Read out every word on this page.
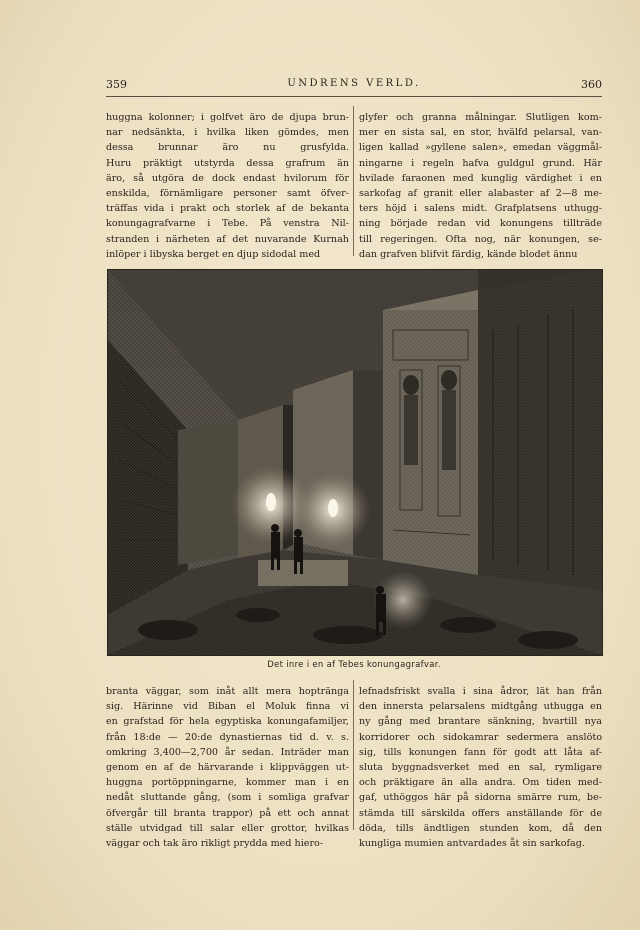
359	UNDRENS VERLD.	360
huggna kolonner; i golfvet äro de djupa brun-
nar nedsänkta, i hvilka liken gömdes, men
dessa brunnar äro nu grusfylda.
Huru präktigt utstyrda dessa grafrum än
äro, så utgöra de dock endast hvilorum för
enskilda, förnämligare personer samt öfver-
träffas vida i prakt och storlek af de bekanta
konungagrafvarne i Tebe. På venstra Nil-
stranden i närheten af det nuvarande Kurnah
inlöper i libyska berget en djup sidodal med
glyfer och granna målningar. Slutligen kom-
mer en sista sal, en stor, hvälfd pelarsal, van-
ligen kallad »gyllene salen», emedan väggmål-
ningarne i regeln hafva guldgul grund. Här
hvilade faraonen med kunglig värdighet i en
sarkofag af granit eller alabaster af 2—8 me-
ters höjd i salens midt. Grafplatsens uthugg-
ning började redan vid konungens tillträde
till regeringen. Ofta nog, när konungen, se-
dan grafven blifvit färdig, kände blodet ännu
Det inre i en af Tebes konungagrafvar.
branta väggar, som inåt allt mera hoptränga
sig. Härinne vid Biban el Moluk finna vi
en grafstad för hela egyptiska konungafamiljer,
från 18:de — 20:de dynastiernas tid d. v. s.
omkring 3,400—2,700 år sedan. Inträder man
genom en af de härvarande i klippväggen ut-
huggna portöppningarne, kommer man i en
nedåt sluttande gång, (som i somliga grafvar
öfvergår till branta trappor) på ett och annat
ställe utvidgad till salar eller grottor, hvilkas
väggar och tak äro rikligt prydda med hiero-
lefnadsfriskt svalla i sina ådror, lät han från
den innersta pelarsalens midtgång uthugga en
ny gång med brantare sänkning, hvartill nya
korridorer och sidokamrar sedermera anslöto
sig, tills konungen fann för godt att låta af-
sluta byggnadsverket med en sal, rymligare
och präktigare än alla andra. Om tiden med-
gaf, uthöggos här på sidorna smärre rum, be-
stämda till särskilda offers anställande för de
döda, tills ändtligen stunden kom, då den
kungliga mumien antvardades åt sin sarkofag.
